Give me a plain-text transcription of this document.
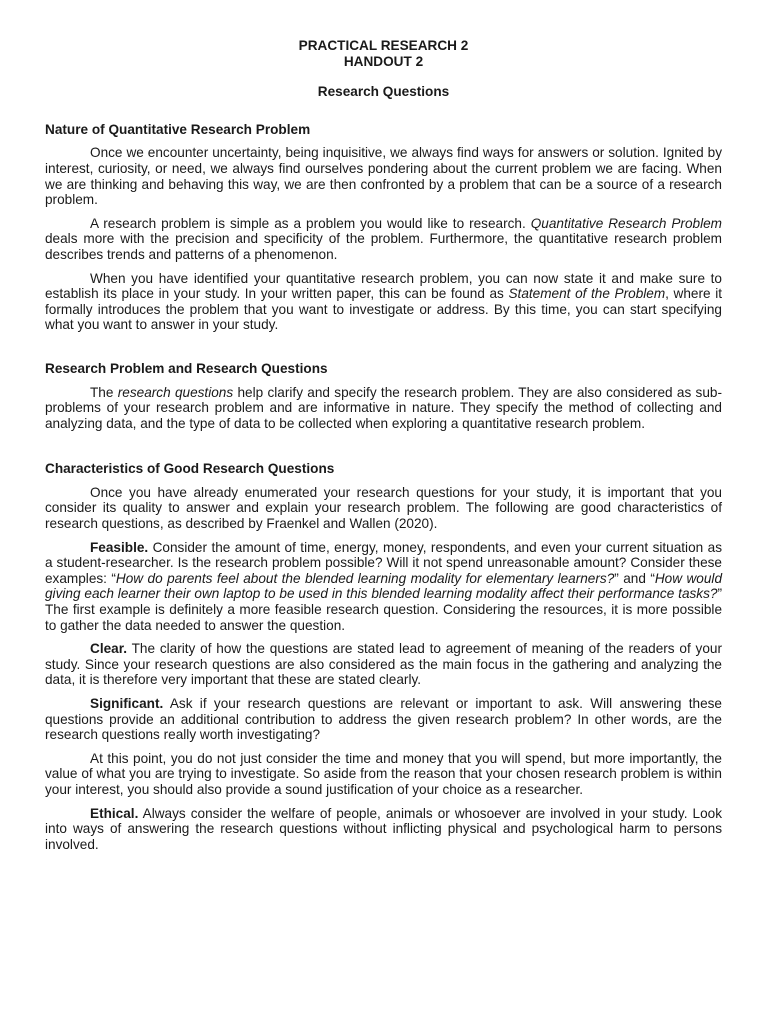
PRACTICAL RESEARCH 2
HANDOUT 2
Research Questions
Nature of Quantitative Research Problem

Once we encounter uncertainty, being inquisitive, we always find ways for answers or solution. Ignited by interest, curiosity, or need, we always find ourselves pondering about the current problem we are facing. When we are thinking and behaving this way, we are then confronted by a problem that can be a source of a research problem.

A research problem is simple as a problem you would like to research. Quantitative Research Problem deals more with the precision and specificity of the problem. Furthermore, the quantitative research problem describes trends and patterns of a phenomenon.

When you have identified your quantitative research problem, you can now state it and make sure to establish its place in your study. In your written paper, this can be found as Statement of the Problem, where it formally introduces the problem that you want to investigate or address. By this time, you can start specifying what you want to answer in your study.

Research Problem and Research Questions

The research questions help clarify and specify the research problem. They are also considered as sub-problems of your research problem and are informative in nature. They specify the method of collecting and analyzing data, and the type of data to be collected when exploring a quantitative research problem.

Characteristics of Good Research Questions

Once you have already enumerated your research questions for your study, it is important that you consider its quality to answer and explain your research problem. The following are good characteristics of research questions, as described by Fraenkel and Wallen (2020).

Feasible. Consider the amount of time, energy, money, respondents, and even your current situation as a student-researcher. Is the research problem possible? Will it not spend unreasonable amount? Consider these examples: “How do parents feel about the blended learning modality for elementary learners?” and “How would giving each learner their own laptop to be used in this blended learning modality affect their performance tasks?” The first example is definitely a more feasible research question. Considering the resources, it is more possible to gather the data needed to answer the question.

Clear. The clarity of how the questions are stated lead to agreement of meaning of the readers of your study. Since your research questions are also considered as the main focus in the gathering and analyzing the data, it is therefore very important that these are stated clearly.

Significant. Ask if your research questions are relevant or important to ask. Will answering these questions provide an additional contribution to address the given research problem? In other words, are the research questions really worth investigating?

At this point, you do not just consider the time and money that you will spend, but more importantly, the value of what you are trying to investigate. So aside from the reason that your chosen research problem is within your interest, you should also provide a sound justification of your choice as a researcher.

Ethical. Always consider the welfare of people, animals or whosoever are involved in your study. Look into ways of answering the research questions without inflicting physical and psychological harm to persons involved.
